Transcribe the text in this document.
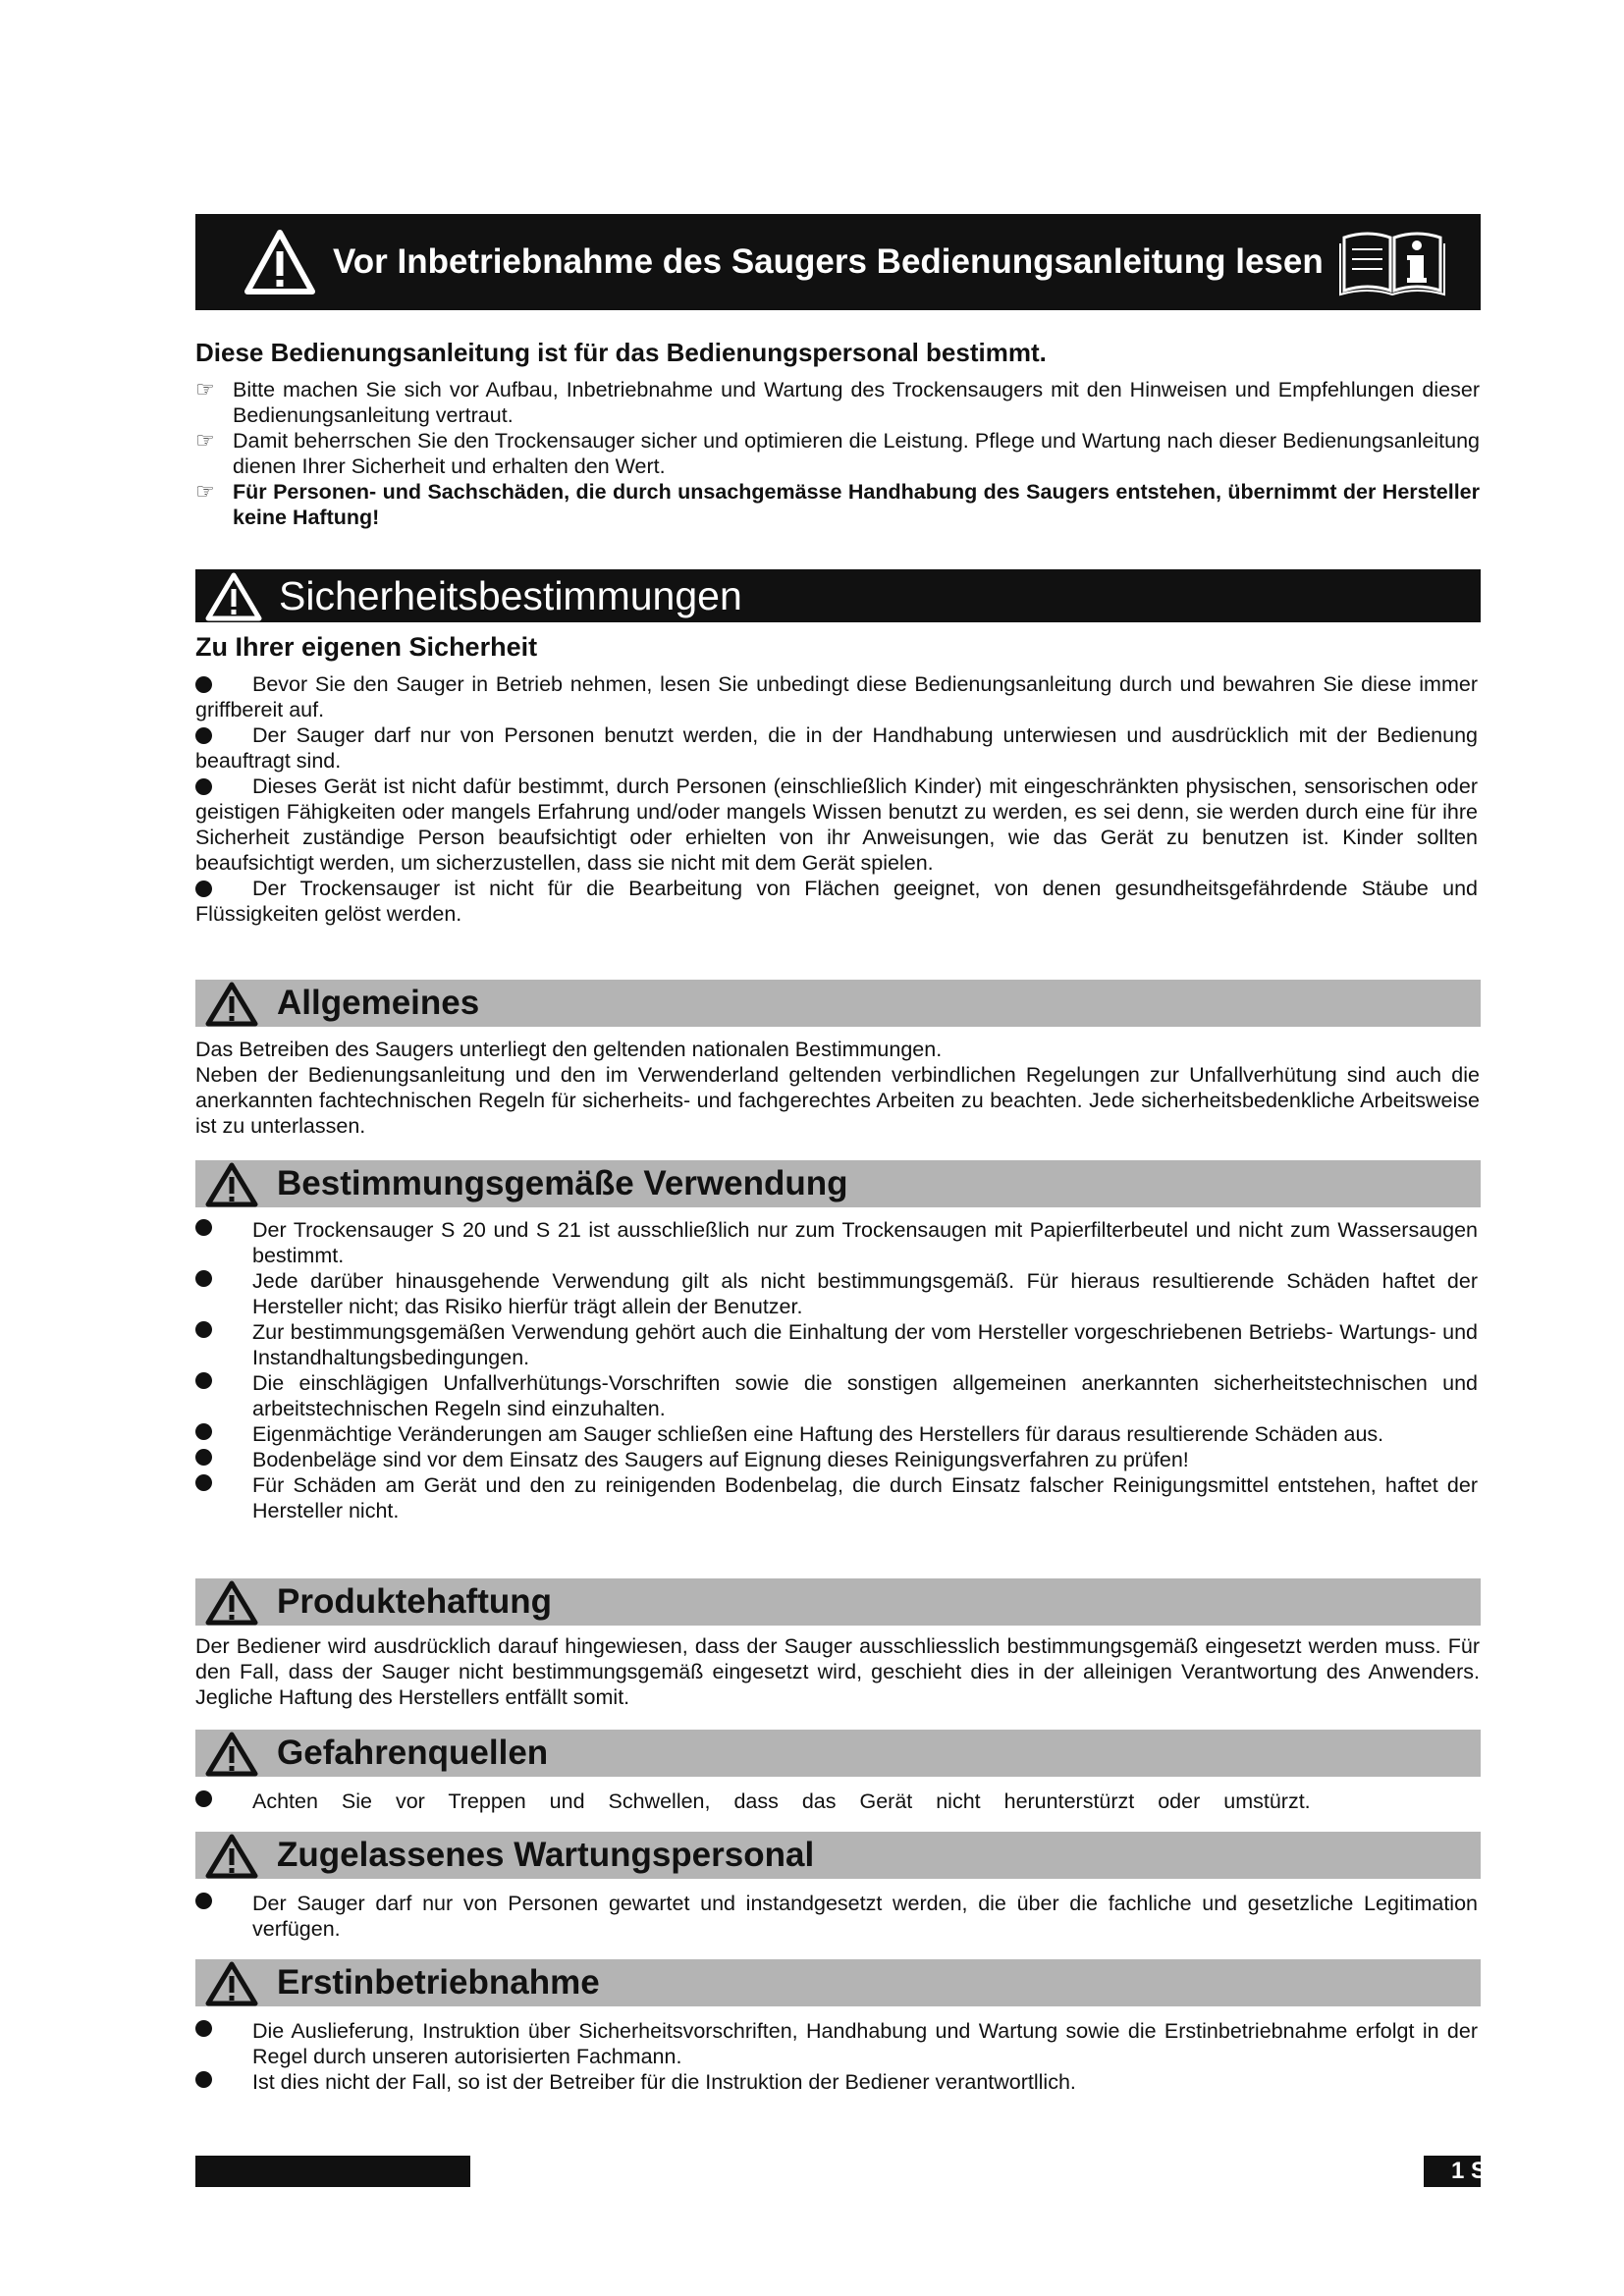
Vor Inbetriebnahme des Saugers Bedienungsanleitung lesen
Diese Bedienungsanleitung ist für das Bedienungspersonal bestimmt.
☞ Bitte machen Sie sich vor Aufbau, Inbetriebnahme und Wartung des Trockensaugers mit den Hinweisen und Empfehlungen dieser Bedienungsanleitung vertraut.
☞ Damit beherrschen Sie den Trockensauger sicher und optimieren die Leistung. Pflege und Wartung nach dieser Bedienungsanleitung dienen Ihrer Sicherheit und erhalten den Wert.
☞ Für Personen- und Sachschäden, die durch unsachgemässe Handhabung des Saugers entstehen, übernimmt der Hersteller keine Haftung!
Sicherheitsbestimmungen
Zu Ihrer eigenen Sicherheit
Bevor Sie den Sauger in Betrieb nehmen, lesen Sie unbedingt diese Bedienungsanleitung durch und bewahren Sie diese immer griffbereit auf.
Der Sauger darf nur von Personen benutzt werden, die in der Handhabung unterwiesen und ausdrücklich mit der Bedienung beauftragt sind.
Dieses Gerät ist nicht dafür bestimmt, durch Personen (einschließlich Kinder) mit eingeschränkten physischen, sensorischen oder geistigen Fähigkeiten oder mangels Erfahrung und/oder mangels Wissen benutzt zu werden, es sei denn, sie werden durch eine für ihre Sicherheit zuständige Person beaufsichtigt oder erhielten von ihr Anweisungen, wie das Gerät zu benutzen ist. Kinder sollten beaufsichtigt werden, um sicherzustellen, dass sie nicht mit dem Gerät spielen.
Der Trockensauger ist nicht für die Bearbeitung von Flächen geeignet, von denen gesundheitsgefährdende Stäube und Flüssigkeiten gelöst werden.
Allgemeines

Das Betreiben des Saugers unterliegt den geltenden nationalen Bestimmungen.

Neben der Bedienungsanleitung und den im Verwenderland geltenden verbindlichen Regelungen zur Unfallverhütung sind auch die anerkannten fachtechnischen Regeln für sicherheits- und fachgerechtes Arbeiten zu beachten. Jede sicherheitsbedenkliche Arbeitsweise ist zu unterlassen.

Bestimmungsgemäße Verwendung
Der Trockensauger S 20 und S 21 ist ausschließlich nur zum Trockensaugen mit Papierfilterbeutel und nicht zum Wassersaugen bestimmt.
Jede darüber hinausgehende Verwendung gilt als nicht bestimmungsgemäß. Für hieraus resultierende Schäden haftet der Hersteller nicht; das Risiko hierfür trägt allein der Benutzer.
Zur bestimmungsgemäßen Verwendung gehört auch die Einhaltung der vom Hersteller vorgeschriebenen Betriebs- Wartungs- und Instandhaltungsbedingungen.
Die einschlägigen Unfallverhütungs-Vorschriften sowie die sonstigen allgemeinen anerkannten sicherheitstechnischen und arbeitstechnischen Regeln sind einzuhalten.
Eigenmächtige Veränderungen am Sauger schließen eine Haftung des Herstellers für daraus resultierende Schäden aus.
Bodenbeläge sind vor dem Einsatz des Saugers auf Eignung dieses Reinigungsverfahren zu prüfen!
Für Schäden am Gerät und den zu reinigenden Bodenbelag, die durch Einsatz falscher Reinigungsmittel entstehen, haftet der Hersteller nicht.
Produktehaftung

Der Bediener wird ausdrücklich darauf hingewiesen, dass der Sauger ausschliesslich bestimmungsgemäß eingesetzt werden muss. Für den Fall, dass der Sauger nicht bestimmungsgemäß eingesetzt wird, geschieht dies in der alleinigen Verantwortung des Anwenders. Jegliche Haftung des Herstellers entfällt somit.

Gefahrenquellen
Achten Sie vor Treppen und Schwellen, dass das Gerät nicht herunterstürzt oder umstürzt.
Zugelassenes Wartungspersonal
Der Sauger darf nur von Personen gewartet und instandgesetzt werden, die über die fachliche und gesetzliche Legitimation verfügen.
Erstinbetriebnahme
Die Auslieferung, Instruktion über Sicherheitsvorschriften, Handhabung und Wartung sowie die Erstinbetriebnahme erfolgt in der Regel durch unseren autorisierten Fachmann.
Ist dies nicht der Fall, so ist der Betreiber für die Instruktion der Bediener verantwortllich.
1 S
